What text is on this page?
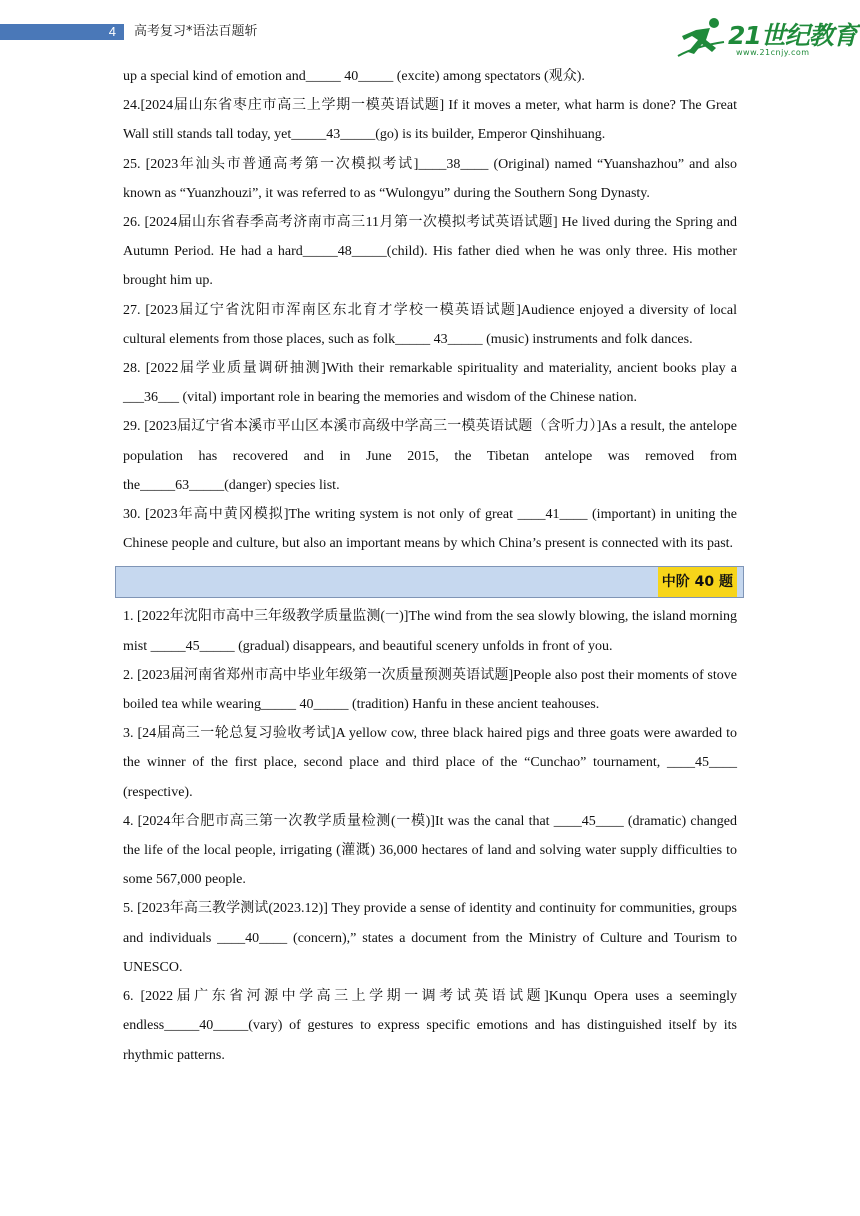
4 高考复习*语法百题斩	21世纪教育
www.21cnjy.com

up a special kind of emotion and_____ 40_____ (excite) among spectators (观众).

24.[2024届山东省枣庄市高三上学期一模英语试题] If it moves a meter, what harm is done? The Great Wall still stands tall today, yet_____43_____(go) is its builder, Emperor Qinshihuang.

25. [2023年汕头市普通高考第一次模拟考试]____38____ (Original) named “Yuanshazhou” and also known as “Yuanzhouzi”, it was referred to as “Wulongyu” during the Southern Song Dynasty.

26. [2024届山东省春季高考济南市高三11月第一次模拟考试英语试题] He lived during the Spring and Autumn Period. He had a hard_____48_____(child). His father died when he was only three. His mother brought him up.

27. [2023届辽宁省沈阳市浑南区东北育才学校一模英语试题]Audience enjoyed a diversity of local cultural elements from those places, such as folk_____ 43_____ (music) instruments and folk dances.

28. [2022届学业质量调研抽测]With their remarkable spirituality and materiality, ancient books play a ___36___ (vital) important role in bearing the memories and wisdom of the Chinese nation.

29. [2023届辽宁省本溪市平山区本溪市高级中学高三一模英语试题（含听力）]As a result, the antelope population has recovered and in June 2015, the Tibetan antelope was removed from the_____63_____(danger) species list.

30. [2023年高中黄冈模拟]The writing system is not only of great ____41____ (important) in uniting the Chinese people and culture, but also an important means by which China’s present is connected with its past.

中阶 40 题

1. [2022年沈阳市高中三年级教学质量监测(一)]The wind from the sea slowly blowing, the island morning mist _____45_____ (gradual) disappears, and beautiful scenery unfolds in front of you.

2. [2023届河南省郑州市高中毕业年级第一次质量预测英语试题]People also post their moments of stove boiled tea while wearing_____ 40_____ (tradition) Hanfu in these ancient teahouses.

3. [24届高三一轮总复习验收考试]A yellow cow, three black haired pigs and three goats were awarded to the winner of the first place, second place and third place of the “Cunchao” tournament, ____45____ (respective).

4. [2024年合肥市高三第一次教学质量检测(一模)]It was the canal that ____45____ (dramatic) changed the life of the local people, irrigating (灌溉) 36,000 hectares of land and solving water supply difficulties to some 567,000 people.

5. [2023年高三教学测试(2023.12)] They provide a sense of identity and continuity for communities, groups and individuals ____40____ (concern),” states a document from the Ministry of Culture and Tourism to UNESCO.

6. [2022届广东省河源中学高三上学期一调考试英语试题]Kunqu Opera uses a seemingly endless_____40_____(vary) of gestures to express specific emotions and has distinguished itself by its rhythmic patterns.
